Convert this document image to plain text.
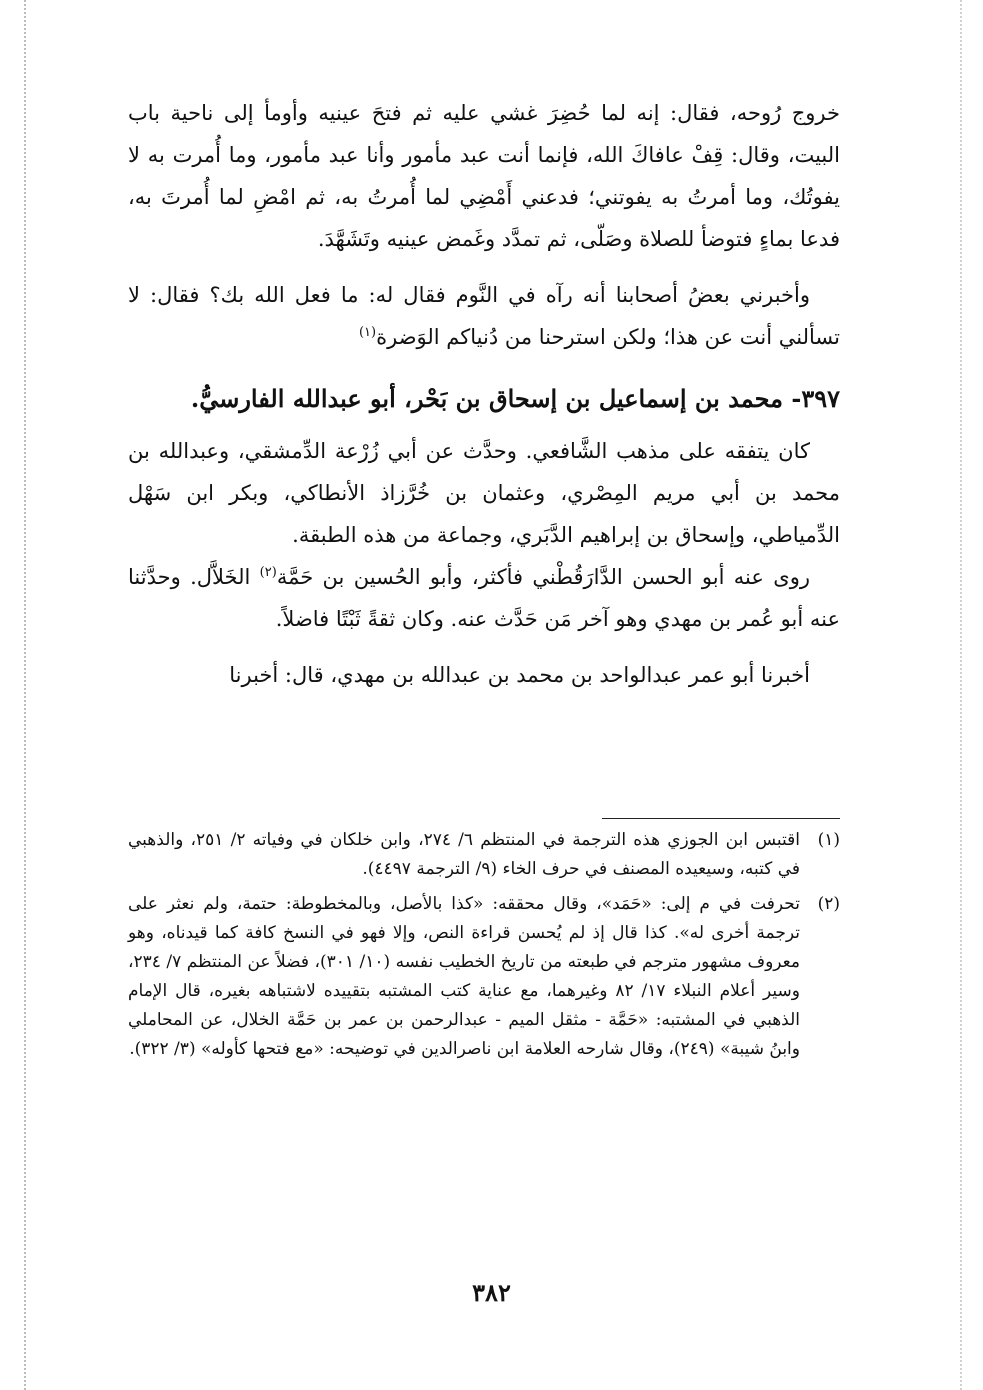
خروج رُوحه، فقال: إنه لما حُضِرَ غشي عليه ثم فتحَ عينيه وأومأ إلى ناحية باب البيت، وقال: قِفْ عافاكَ الله، فإنما أنت عبد مأمور وأنا عبد مأمور، وما أُمرت به لا يفوتُك، وما أمرتُ به يفوتني؛ فدعني أَمْضِي لما أُمرتُ به، ثم امْضِ لما أُمرتَ به، فدعا بماءٍ فتوضأ للصلاة وصَلّى، ثم تمدَّد وغَمض عينيه وتَشَهَّدَ.

وأخبرني بعضُ أصحابنا أنه رآه في النَّوم فقال له: ما فعل الله بك؟ فقال: لا تسألني أنت عن هذا؛ ولكن استرحنا من دُنياكم الوَضرة$^{(١)}$

٣٩٧- محمد بن إسماعيل بن إسحاق بن بَحْر، أبو عبدالله الفارسيُّ.

كان يتفقه على مذهب الشَّافعي. وحدَّث عن أبي زُرْعة الدِّمشقي، وعبدالله بن محمد بن أبي مريم المِصْري، وعثمان بن خُرَّزاذ الأنطاكي، وبكر ابن سَهْل الدِّمياطي، وإسحاق بن إبراهيم الدَّبَري، وجماعة من هذه الطبقة.

روى عنه أبو الحسن الدَّارَقُطْني فأكثر، وأبو الحُسين بن حَمَّة$^{(٢)}$ الخَلاَّل. وحدَّثنا عنه أبو عُمر بن مهدي وهو آخر مَن حَدَّث عنه. وكان ثقةً ثَبْتًا فاضلاً.

أخبرنا أبو عمر عبدالواحد بن محمد بن عبدالله بن مهدي، قال: أخبرنا

(١)
اقتبس ابن الجوزي هذه الترجمة في المنتظم ٦/ ٢٧٤، وابن خلكان في وفياته ٢/ ٢٥١، والذهبي في كتبه، وسيعيده المصنف في حرف الخاء (٩/ الترجمة ٤٤٩٧).
(٢)
تحرفت في م إلى: «حَمَد»، وقال محققه: «كذا بالأصل، وبالمخطوطة: حتمة، ولم نعثر على ترجمة أخرى له». كذا قال إذ لم يُحسن قراءة النص، وإلا فهو في النسخ كافة كما قيدناه، وهو معروف مشهور مترجم في طبعته من تاريخ الخطيب نفسه (١٠/ ٣٠١)، فضلاً عن المنتظم ٧/ ٢٣٤، وسير أعلام النبلاء ١٧/ ٨٢ وغيرهما، مع عناية كتب المشتبه بتقييده لاشتباهه بغيره، قال الإمام الذهبي في المشتبه: «حَمَّة - مثقل الميم - عبدالرحمن بن عمر بن حَمَّة الخلال، عن المحاملي وابنُ شيبة» (٢٤٩)، وقال شارحه العلامة ابن ناصرالدين في توضيحه: «مع فتحها كأوله» (٣/ ٣٢٢).
٣٨٢
